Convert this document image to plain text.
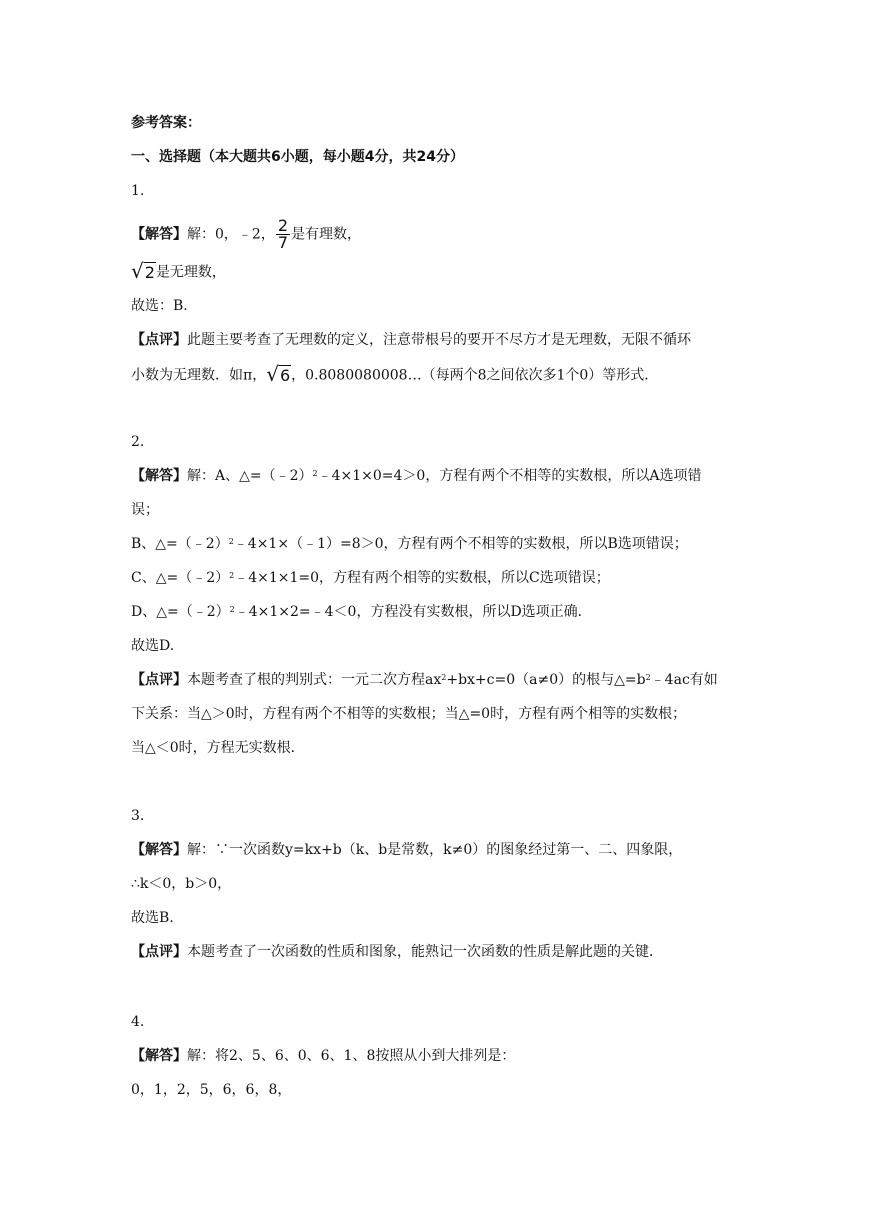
参考答案：
一、选择题（本大题共6小题，每小题4分，共24分）
1.
【解答】解：0，﹣2， $\frac{2}{7}$ 是有理数，
√2是无理数，
故选：B.
【点评】此题主要考查了无理数的定义，注意带根号的要开不尽方才是无理数，无限不循环
小数为无理数．如π，√6，0.8080080008…（每两个8之间依次多1个0）等形式．
2.
【解答】解：A、△=（﹣2）$^2$﹣4×1×0=4＞0，方程有两个不相等的实数根，所以A选项错
误；
B、△=（﹣2）$^2$﹣4×1×（﹣1）=8＞0，方程有两个不相等的实数根，所以B选项错误；
C、△=（﹣2）$^2$﹣4×1×1=0，方程有两个相等的实数根，所以C选项错误；
D、△=（﹣2）$^2$﹣4×1×2=﹣4＜0，方程没有实数根，所以D选项正确．
故选D.
【点评】本题考查了根的判别式：一元二次方程$ax^2+bx+c=0(a\ne 0)$的根与$\triangle=b^2﹣4ac$有如
下关系：当△＞0时，方程有两个不相等的实数根；当△=0时，方程有两个相等的实数根；
当△＜0时，方程无实数根．
3.
【解答】解：∵一次函数y=kx+b（k、b是常数，k≠0）的图象经过第一、二、四象限，
∴k＜0，b＞0，
故选B.
【点评】本题考查了一次函数的性质和图象，能熟记一次函数的性质是解此题的关键．
4.
【解答】解：将2、5、6、0、6、1、8按照从小到大排列是：
0，1，2，5，6，6，8，
